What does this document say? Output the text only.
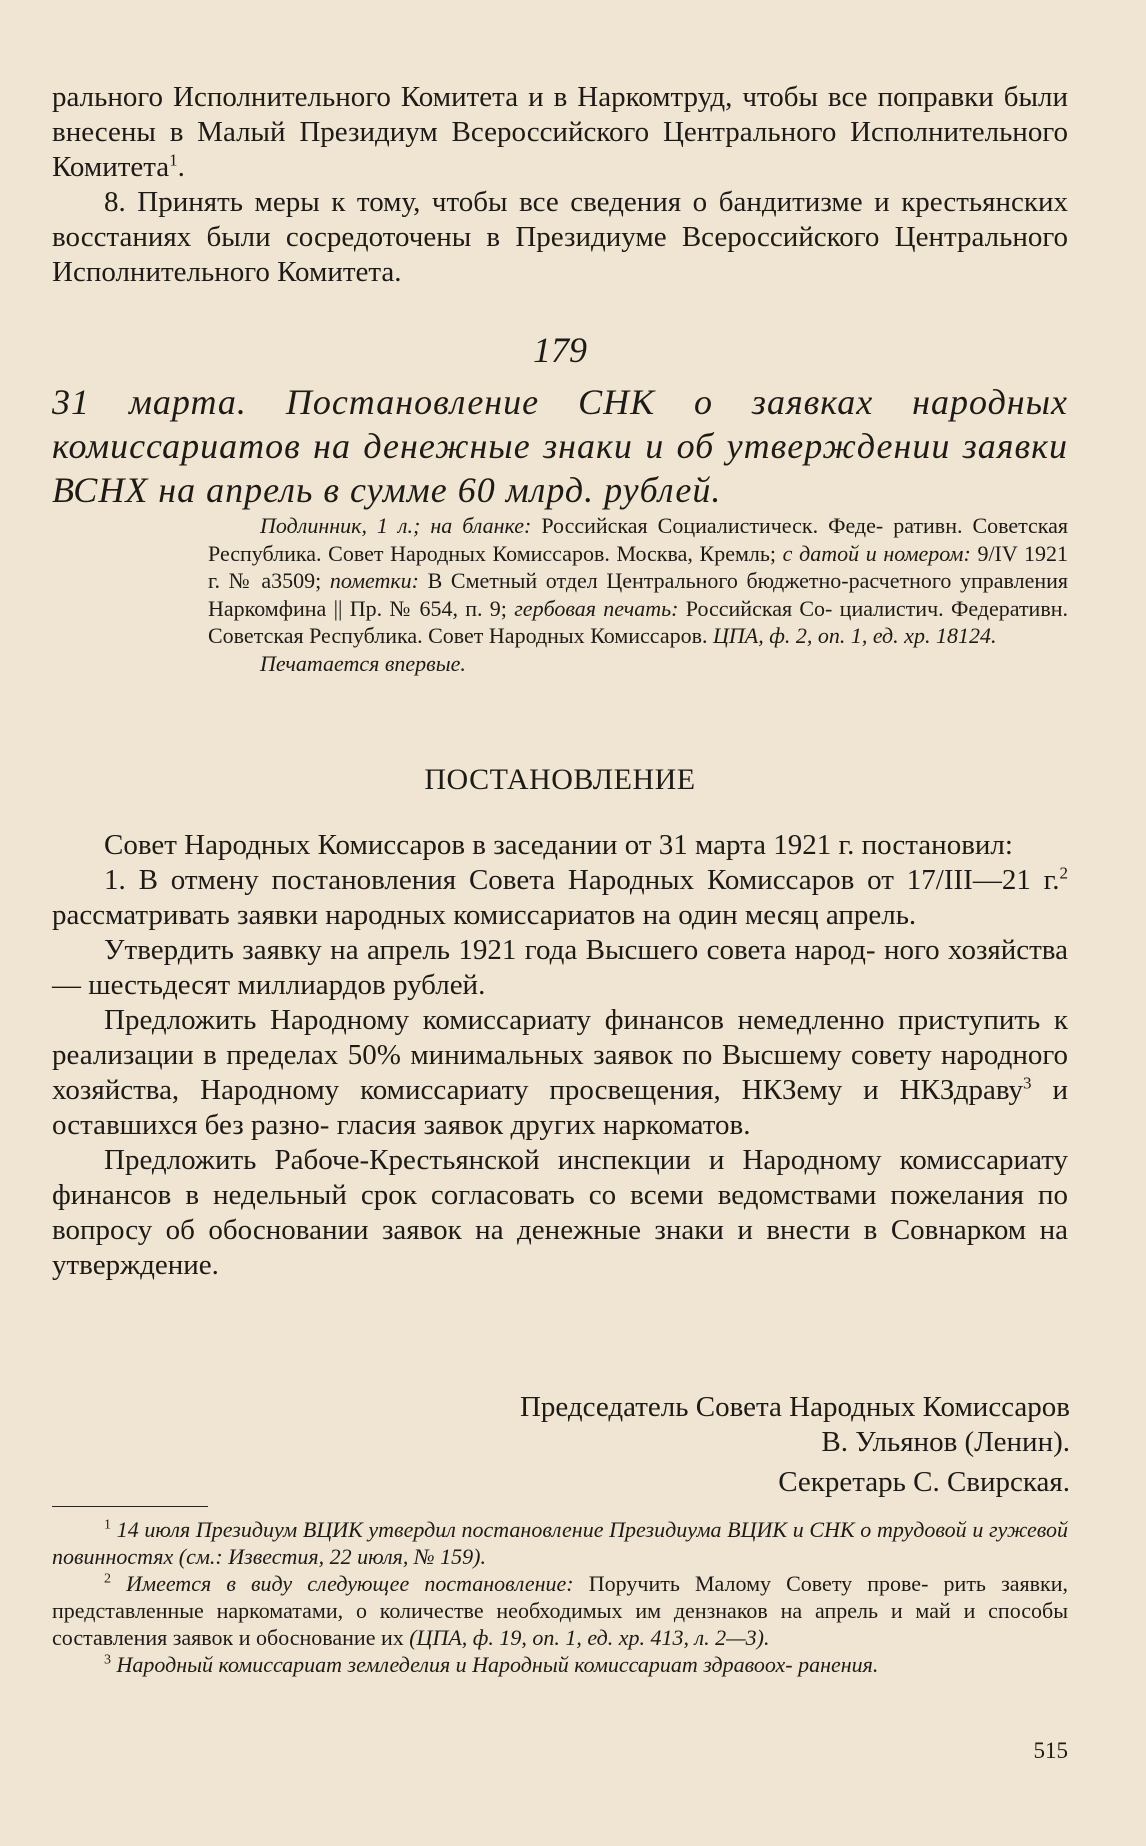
рального Исполнительного Комитета и в Наркомтруд, чтобы все поправки были внесены в Малый Президиум Всероссийского Центрального Исполнительного Комитета$^1$.

8. Принять меры к тому, чтобы все сведения о бандитизме и крестьянских восстаниях были сосредоточены в Президиуме Всероссийского Центрального Исполнительного Комитета.

179
31 марта. Постановление СНК о заявках народных комиссариатов на денежные знаки и об утверждении заявки ВСНХ на апрель в сумме 60 млрд. рублей.

Подлинник, 1 л.; на бланке: Российская Социалистическ. Феде- ративн. Советская Республика. Совет Народных Комиссаров. Москва, Кремль; с датой и номером: 9/IV 1921 г. № а3509; пометки: В Сметный отдел Центрального бюджетно-расчетного управления Наркомфина || Пр. № 654, п. 9; гербовая печать: Российская Со- циалистич. Федеративн. Советская Республика. Совет Народных Комиссаров. ЦПА, ф. 2, оп. 1, ед. хр. 18124.

Печатается впервые.

ПОСТАНОВЛЕНИЕ

Совет Народных Комиссаров в заседании от 31 марта 1921 г. постановил:

1. В отмену постановления Совета Народных Комиссаров от 17/III—21 г.$^2$ рассматривать заявки народных комиссариатов на один месяц апрель.

Утвердить заявку на апрель 1921 года Высшего совета народ- ного хозяйства — шестьдесят миллиардов рублей.

Предложить Народному комиссариату финансов немедленно приступить к реализации в пределах 50% минимальных заявок по Высшему совету народного хозяйства, Народному комиссариату просвещения, НКЗему и НКЗдраву$^3$ и оставшихся без разно- гласия заявок других наркоматов.

Предложить Рабоче-Крестьянской инспекции и Народному комиссариату финансов в недельный срок согласовать со всеми ведомствами пожелания по вопросу об обосновании заявок на денежные знаки и внести в Совнарком на утверждение.

Председатель Совета Народных Комиссаров

В. Ульянов (Ленин).

Секретарь С. Свирская.

$^1$ 14 июля Президиум ВЦИК утвердил постановление Президиума ВЦИК и СНК о трудовой и гужевой повинностях (см.: Известия, 22 июля, № 159).

$^2$ Имеется в виду следующее постановление: Поручить Малому Совету прове- рить заявки, представленные наркоматами, о количестве необходимых им дензнаков на апрель и май и способы составления заявок и обоснование их (ЦПА, ф. 19, оп. 1, ед. хр. 413, л. 2—3).

$^3$ Народный комиссариат земледелия и Народный комиссариат здравоох- ранения.

515
